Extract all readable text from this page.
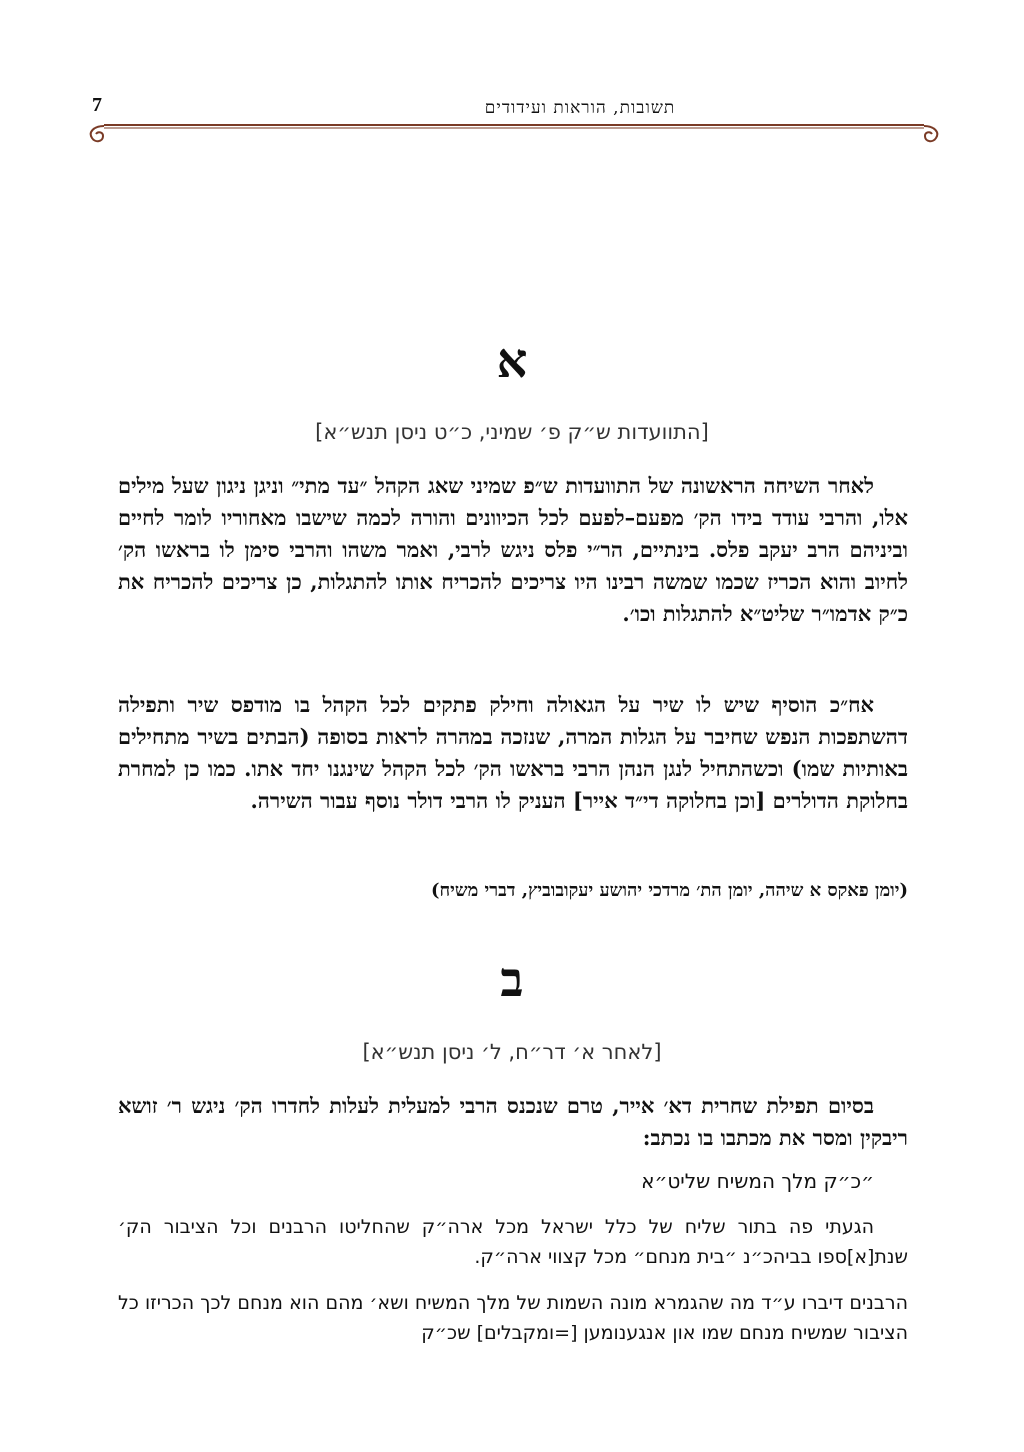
7	תשובות, הוראות ועידודים
א
[התוועדות ש״ק פ׳ שמיני, כ״ט ניסן תנש״א]

לאחר השיחה הראשונה של התוועדות ש״פ שמיני שאג הקהל ״עד מתי״ וניגן ניגון שעל מילים אלו, והרבי עודד בידו הק׳ מפעם–לפעם לכל הכיוונים והורה לכמה שישבו מאחוריו לומר לחיים וביניהם הרב יעקב פלס. בינתיים, הר״י פלס ניגש לרבי, ואמר משהו והרבי סימן לו בראשו הק׳ לחיוב והוא הכריז שכמו שמשה רבינו היו צריכים להכריח אותו להתגלות, כן צריכים להכריח את כ״ק אדמו״ר שליט״א להתגלות וכו׳.

אח״כ הוסיף שיש לו שיר על הגאולה וחילק פתקים לכל הקהל בו מודפס שיר ותפילה דהשתפכות הנפש שחיבר על הגלות המרה, שנזכה במהרה לראות בסופה (הבתים בשיר מתחילים באותיות שמו) וכשהתחיל לנגן הנהן הרבי בראשו הק׳ לכל הקהל שינגנו יחד אתו. כמו כן למחרת בחלוקת הדולרים [וכן בחלוקה די״ד אייר] העניק לו הרבי דולר נוסף עבור השירה.

(יומן פאקס א שיהה, יומן הת׳ מרדכי יהושע יעקובוביץ, דברי משיח)
ב
[לאחר א׳ דר״ח, ל׳ ניסן תנש״א]

בסיום תפילת שחרית דא׳ אייר, טרם שנכנס הרבי למעלית לעלות לחדרו הק׳ ניגש ר׳ זושא ריבקין ומסר את מכתבו בו נכתב:

״כ״ק מלך המשיח שליט״א

הגעתי פה בתור שליח של כלל ישראל מכל ארה״ק שהחליטו הרבנים וכל הציבור הק׳ שנת[א]ספו בביהכ״נ ״בית מנחם״ מכל קצווי ארה״ק.

הרבנים דיברו ע״ד מה שהגמרא מונה השמות של מלך המשיח ושא׳ מהם הוא מנחם לכך הכריזו כל הציבור שמשיח מנחם שמו און אנגענומען [=ומקבלים] שכ״ק
